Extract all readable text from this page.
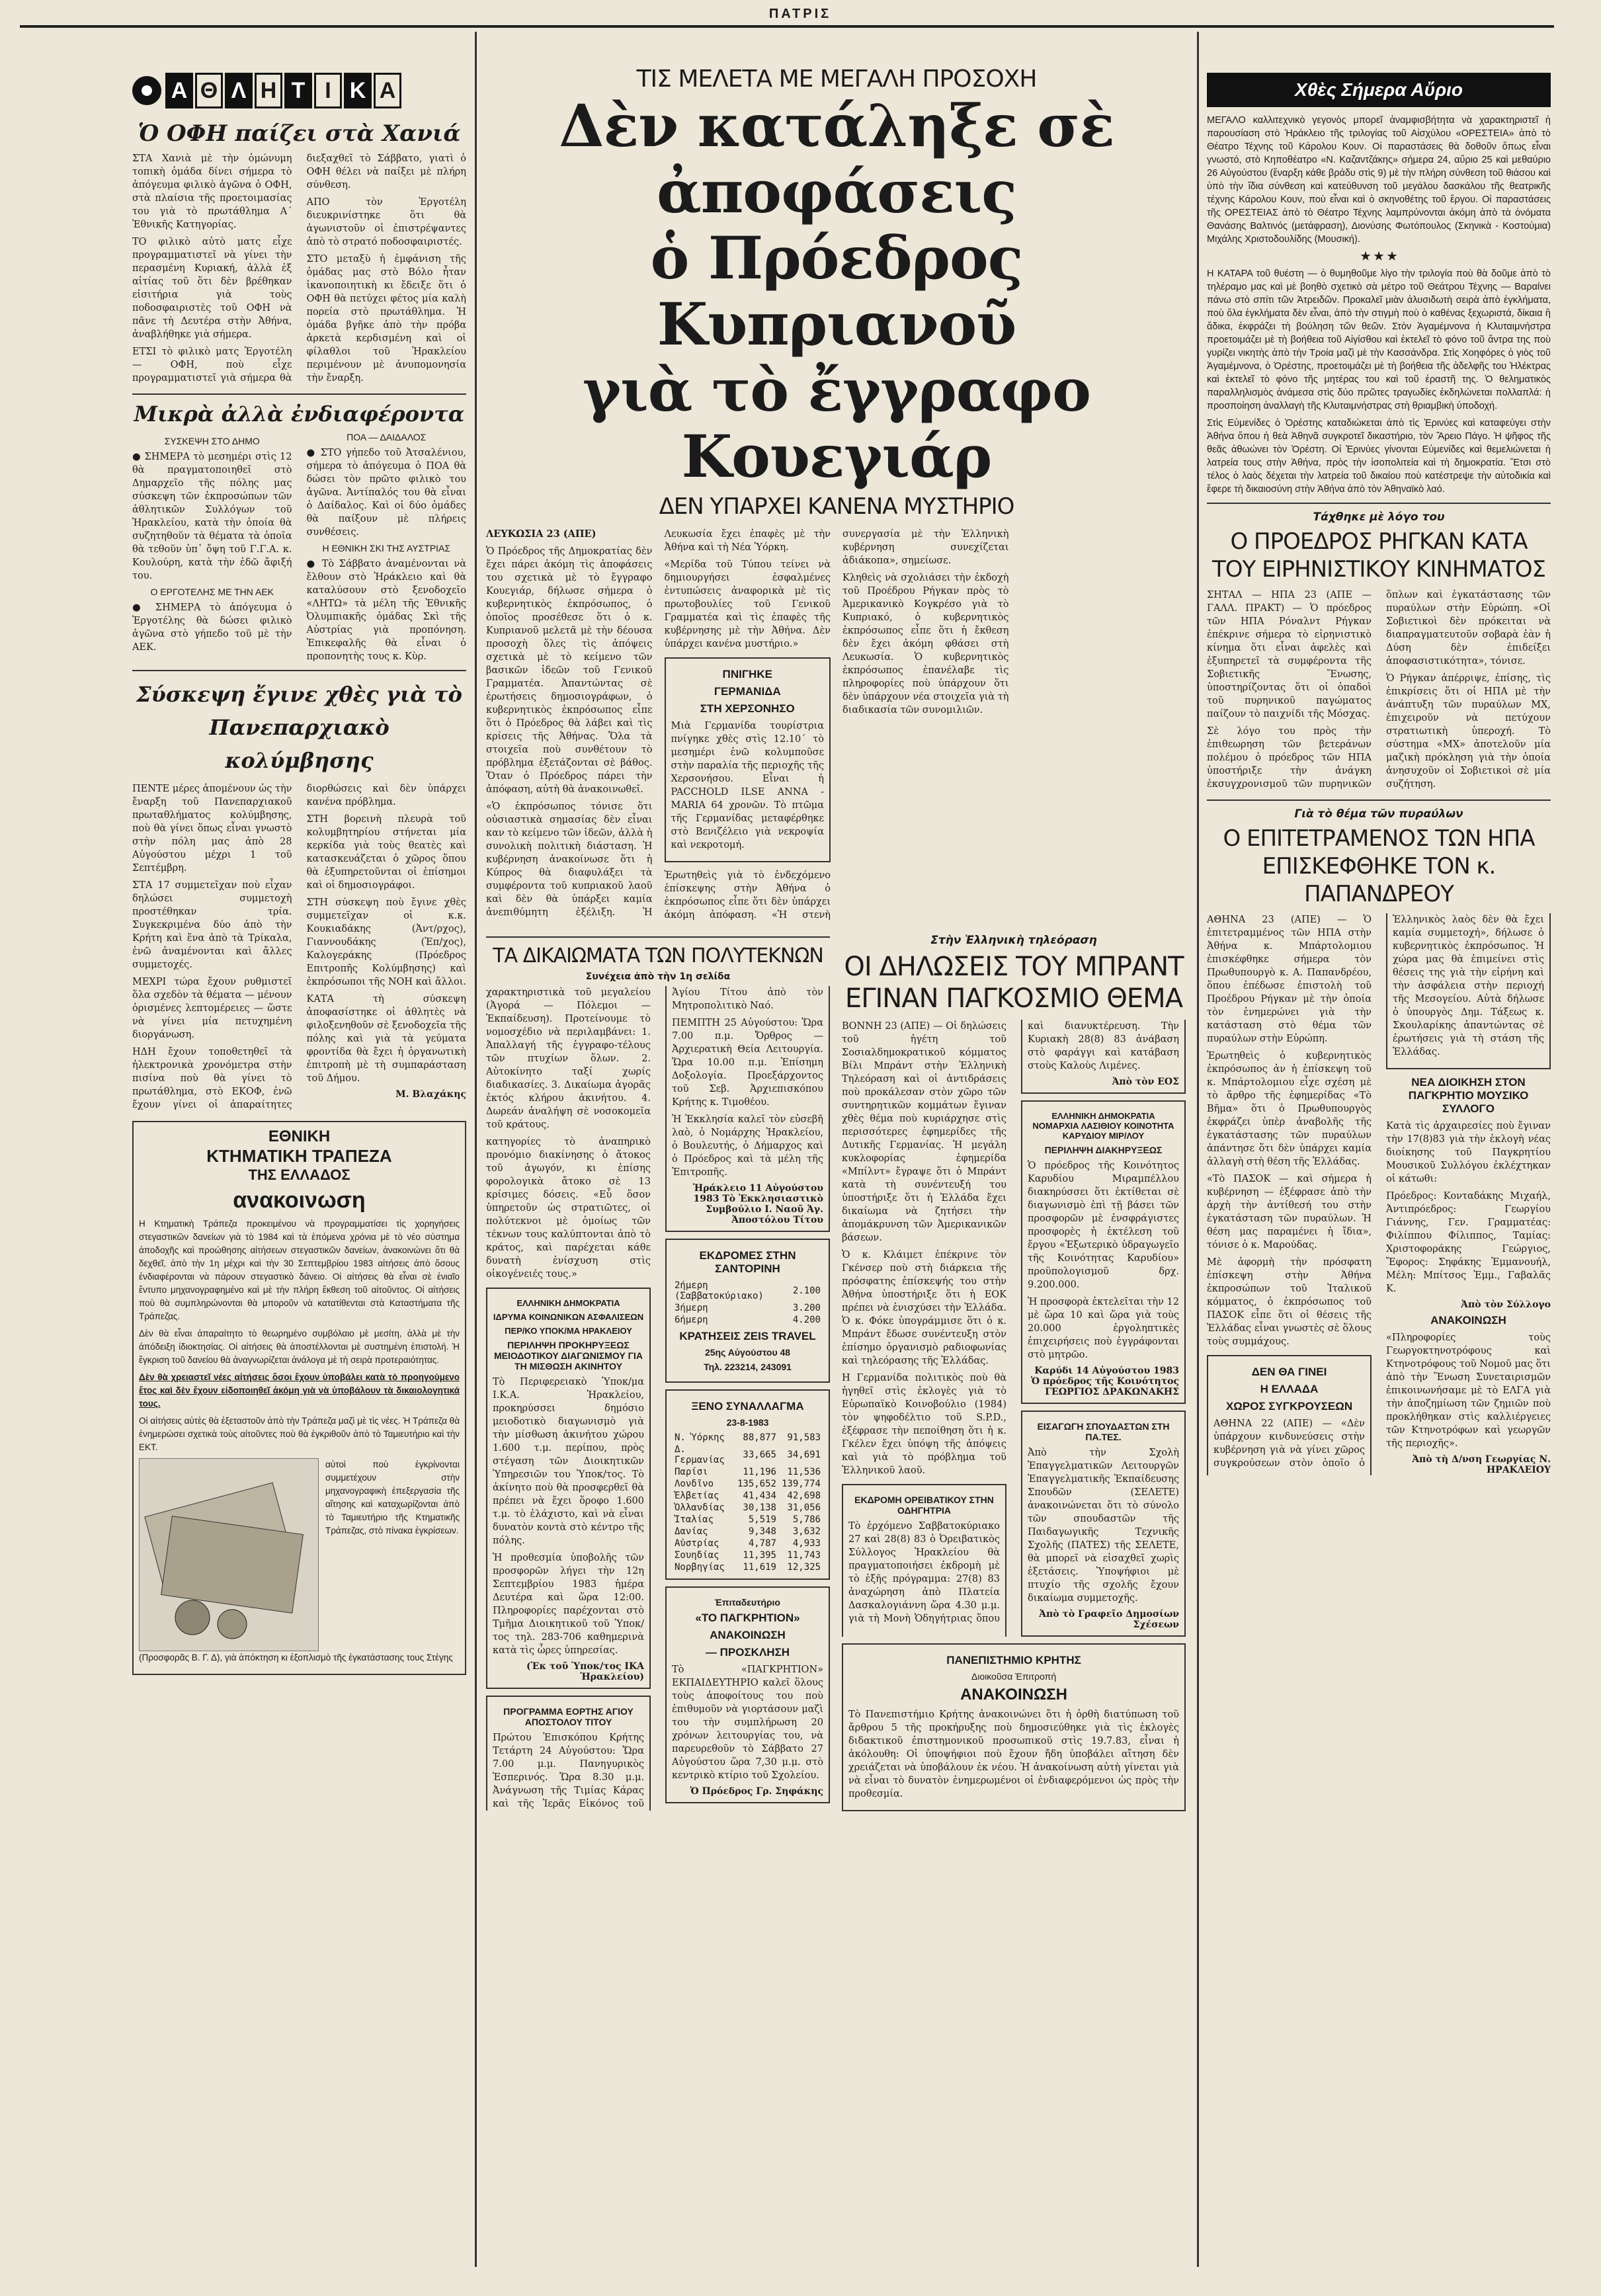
ΠΑΤΡΙΣ
Α Θ Λ Η Τ Ι Κ Α
Ὁ ΟΦΗ παίζει στὰ Χανιά

ΣΤΑ Χανιὰ μὲ τὴν ὁμώνυμη τοπικὴ ὁμάδα δίνει σήμερα τὸ ἀπόγευμα φιλικὸ ἀγῶνα ὁ ΟΦΗ, στὰ πλαίσια τῆς προετοιμασίας του γιὰ τὸ πρωτάθλημα Α΄ Ἐθνικῆς Κατηγορίας.

ΤΟ φιλικὸ αὐτὸ ματς εἶχε προγραμματιστεῖ νὰ γίνει τὴν περασμένη Κυριακή, ἀλλὰ ἐξ αἰτίας τοῦ ὅτι δὲν βρέθηκαν εἰσιτήρια γιὰ τοὺς ποδοσφαιριστὲς τοῦ ΟΦΗ νὰ πᾶνε τὴ Δευτέρα στὴν Ἀθήνα, ἀναβλήθηκε γιὰ σήμερα.

ΕΤΣΙ τὸ φιλικὸ ματς Ἐργοτέλη — ΟΦΗ, ποὺ εἶχε προγραμματιστεῖ γιὰ σήμερα θὰ διεξαχθεῖ τὸ Σάββατο, γιατὶ ὁ ΟΦΗ θέλει νὰ παίξει μὲ πλήρη σύνθεση.

ΑΠΟ τὸν Ἐργοτέλη διευκρινίστηκε ὅτι θὰ ἀγωνιστοῦν οἱ ἐπιστρέψαντες ἀπὸ τὸ στρατό ποδοσφαιριστές.

ΣΤΟ μεταξὺ ἡ ἐμφάνιση τῆς ὁμάδας μας στὸ Βόλο ἦταν ἱκανοποιητικὴ κι ἔδειξε ὅτι ὁ ΟΦΗ θὰ πετύχει φέτος μία καλὴ πορεία στὸ πρωτάθλημα. Ἡ ὁμάδα βγῆκε ἀπὸ τὴν πρόβα ἀρκετὰ κερδισμένη καὶ οἱ φίλαθλοι τοῦ Ἡρακλείου περιμένουν μὲ ἀνυπομονησία τὴν ἔναρξη.

Μικρὰ ἀλλὰ ἐνδιαφέροντα
ΣΥΣΚΕΨΗ ΣΤΟ ΔΗΜΟ

● ΣΗΜΕΡΑ τὸ μεσημέρι στὶς 12 θὰ πραγματοποιηθεῖ στὸ Δημαρχεῖο τῆς πόλης μας σύσκεψη τῶν ἐκπροσώπων τῶν ἀθλητικῶν Συλλόγων τοῦ Ἡρακλείου, κατὰ τὴν ὁποία θὰ συζητηθοῦν τὰ θέματα τὰ ὁποῖα θὰ τεθοῦν ὑπ᾽ ὄψη τοῦ Γ.Γ.Α. κ. Κουλούρη, κατὰ τὴν ἐδῶ ἄφιξή του.

Ο ΕΡΓΟΤΕΛΗΣ ΜΕ ΤΗΝ ΑΕΚ

● ΣΗΜΕΡΑ τὸ ἀπόγευμα ὁ Ἐργοτέλης θὰ δώσει φιλικὸ ἀγῶνα στὸ γήπεδο τοῦ μὲ τὴν ΑΕΚ.

ΠΟΑ — ΔΑΙΔΑΛΟΣ

● ΣΤΟ γήπεδο τοῦ Ἀτσαλένιου, σήμερα τὸ ἀπόγευμα ὁ ΠΟΑ θὰ δώσει τὸν πρῶτο φιλικὸ του ἀγῶνα. Ἀντίπαλός του θὰ εἶναι ὁ Δαίδαλος. Καὶ οἱ δύο ὁμάδες θὰ παίξουν μὲ πλήρεις συνθέσεις.

Η ΕΘΝΙΚΗ ΣΚΙ ΤΗΣ ΑΥΣΤΡΙΑΣ

● Τὸ Σάββατο ἀναμένονται νὰ ἔλθουν στὸ Ἡράκλειο καὶ θὰ καταλύσουν στὸ ξενοδοχεῖο «ΛΗΤΩ» τὰ μέλη τῆς Ἐθνικῆς Ὀλυμπιακῆς ὁμάδας Σκὶ τῆς Αὐστρίας γιὰ προπόνηση. Ἐπικεφαλῆς θὰ εἶναι ὁ προπονητὴς τους κ. Κὺρ.

Σύσκεψη ἔγινε χθὲς γιὰ τὸ Πανεπαρχιακὸ κολύμβησης

ΠΕΝΤΕ μέρες ἀπομένουν ὡς τὴν ἔναρξη τοῦ Πανεπαρχιακοῦ πρωταθλήματος κολύμβησης, ποὺ θὰ γίνει ὅπως εἶναι γνωστὸ στὴν πόλη μας ἀπὸ 28 Αὐγούστου μέχρι 1 τοῦ Σεπτέμβρη.

ΣΤΑ 17 συμμετεῖχαν ποὺ εἶχαν δηλώσει συμμετοχὴ προστέθηκαν τρία. Συγκεκριμένα δύο ἀπὸ τὴν Κρήτη καὶ ἕνα ἀπὸ τὰ Τρίκαλα, ἐνῶ ἀναμένονται καὶ ἄλλες συμμετοχές.

ΜΕΧΡΙ τώρα ἔχουν ρυθμιστεῖ ὅλα σχεδὸν τὰ θέματα — μένουν ὁρισμένες λεπτομέρειες — ὥστε νὰ γίνει μία πετυχημένη διοργάνωση.

ΗΔΗ ἔχουν τοποθετηθεῖ τὰ ἠλεκτρονικὰ χρονόμετρα στὴν πισίνα ποὺ θὰ γίνει τὸ πρωτάθλημα, στὸ ΕΚΟΦ, ἐνῶ ἔχουν γίνει οἱ ἀπαραίτητες διορθώσεις καὶ δὲν ὑπάρχει κανένα πρόβλημα.

ΣΤΗ βορεινὴ πλευρὰ τοῦ κολυμβητηρίου στήνεται μία κερκίδα γιὰ τοὺς θεατὲς καὶ κατασκευάζεται ὁ χῶρος ὅπου θὰ ἐξυπηρετοῦνται οἱ ἐπίσημοι καὶ οἱ δημοσιογράφοι.

ΣΤΗ σύσκεψη ποὺ ἔγινε χθὲς συμμετεῖχαν οἱ κ.κ. Κουκιαδάκης (Ἀντ/ρχος), Γιαννουδάκης (Ἐπ/χος), Καλογεράκης (Πρόεδρος Επιτροπῆς Κολύμβησης) καὶ ἐκπρόσωποι τῆς ΝΟΗ καὶ ἄλλοι.

ΚΑΤΑ τὴ σύσκεψη ἀποφασίστηκε οἱ ἀθλητὲς νὰ φιλοξενηθοῦν σὲ ξενοδοχεῖα τῆς πόλης καὶ γιὰ τὰ γεύματα φροντίδα θὰ ἔχει ἡ ὀργανωτικὴ ἐπιτροπὴ μὲ τὴ συμπαράσταση τοῦ Δήμου.

Μ. Βλαχάκης
ΕΘΝΙΚΗ
ΚΤΗΜΑΤΙΚΗ ΤΡΑΠΕΖΑ
ΤΗΣ ΕΛΛΑΔΟΣ
ανακοινωση

Η Κτηματικὴ Τράπεζα προκειμένου νὰ προγραμματίσει τὶς χορηγήσεις στεγαστικῶν δανείων γιὰ τὸ 1984 καὶ τὰ ἑπόμενα χρόνια μὲ τὸ νέο σύστημα ἀποδοχῆς καὶ προώθησης αἰτήσεων στεγαστικῶν δανείων, ἀνακοινώνει ὅτι θὰ δεχθεῖ, ἀπὸ τὴν 1η μέχρι καὶ τὴν 30 Σεπτεμβρίου 1983 αἰτήσεις ἀπὸ ὅσους ἐνδιαφέρονται νὰ πάρουν στεγαστικὸ δάνειο. Οἱ αἰτήσεις θὰ εἶναι σὲ ἐνιαῖο ἔντυπο μηχανογραφημένο καὶ μὲ τὴν πλήρη ἔκθεση τοῦ αἰτοῦντος. Οἱ αἰτήσεις ποὺ θὰ συμπληρώνονται θὰ μποροῦν νὰ κατατίθενται στὰ Καταστήματα τῆς Τράπεζας.

Δὲν θὰ εἶναι ἀπαραίτητο τὸ θεωρημένο συμβόλαιο μὲ μεσίτη, ἀλλὰ μὲ τὴν ἀπόδειξη ἰδιοκτησίας. Οἱ αἰτήσεις θὰ ἀποστέλλονται μὲ συστημένη ἐπιστολή. Ἡ ἔγκριση τοῦ δανείου θὰ ἀναγνωρίζεται ἀνάλογα μὲ τὴ σειρὰ προτεραιότητας.

Δὲν θὰ χρειαστεῖ νέες αἰτήσεις ὅσοι ἔχουν ὑποβάλει κατὰ τὸ προηγούμενο ἔτος καὶ δὲν ἔχουν εἰδοποιηθεῖ ἀκόμη γιὰ νὰ ὑποβάλουν τὰ δικαιολογητικά τους.

Οἱ αἰτήσεις αὐτὲς θὰ ἐξεταστοῦν ἀπὸ τὴν Τράπεζα μαζὶ μὲ τὶς νέες. Ἡ Τράπεζα θὰ ἐνημερώσει σχετικὰ τοὺς αἰτοῦντες ποὺ θὰ ἐγκριθοῦν ἀπὸ τὸ Ταμιευτήριο καὶ τὴν ΕΚΤ.

αὐτοὶ ποὺ ἐγκρίνονται συμμετέχουν στὴν μηχανογραφικὴ ἐπεξεργασία τῆς αἴτησης καὶ καταχωρίζονται ἀπὸ τὸ Ταμιευτήριο τῆς Κτηματικῆς Τράπεζας, στὸ πίνακα ἐγκρίσεων.

(Προσφορᾶς Β. Γ. Δ), γιὰ ἀπόκτηση κι ἐξοπλισμὸ τῆς ἐγκατάστασης τους Στέγης

ΤΙΣ ΜΕΛΕΤΑ ΜΕ ΜΕΓΑΛΗ ΠΡΟΣΟΧΗ
Δὲν κατάληξε σὲ ἀποφάσεις
ὁ Πρόεδρος Κυπριανοῦ
γιὰ τὸ ἔγγραφο Κουεγιάρ
ΔΕΝ ΥΠΑΡΧΕΙ ΚΑΝΕΝΑ ΜΥΣΤΗΡΙΟ

ΛΕΥΚΩΣΙΑ 23 (ΑΠΕ)

Ὁ Πρόεδρος τῆς Δημοκρατίας δὲν ἔχει πάρει ἀκόμη τὶς ἀποφάσεις του σχετικὰ μὲ τὸ ἔγγραφο Κουεγιάρ, δήλωσε σήμερα ὁ κυβερνητικὸς ἐκπρόσωπος, ὁ ὁποῖος προσέθεσε ὅτι ὁ κ. Κυπριανοῦ μελετᾶ μὲ τὴν δέουσα προσοχὴ ὅλες τὶς ἀπόψεις σχετικὰ μὲ τὸ κείμενο τῶν βασικῶν ἰδεῶν τοῦ Γενικοῦ Γραμματέα. Ἀπαντώντας σὲ ἐρωτήσεις δημοσιογράφων, ὁ κυβερνητικὸς ἐκπρόσωπος εἶπε ὅτι ὁ Πρόεδρος θὰ λάβει καὶ τὶς κρίσεις τῆς Ἀθήνας. Ὅλα τὰ στοιχεῖα ποὺ συνθέτουν τὸ πρόβλημα ἐξετάζονται σὲ βάθος. Ὅταν ὁ Πρόεδρος πάρει τὴν ἀπόφαση, αὐτὴ θὰ ἀνακοινωθεῖ.

«Ὁ ἐκπρόσωπος τόνισε ὅτι οὐσιαστικὰ σημασίας δὲν εἶναι καν τὸ κείμενο τῶν ἰδεῶν, ἀλλὰ ἡ συνολικὴ πολιτικὴ διάσταση. Ἡ κυβέρνηση ἀνακοίνωσε ὅτι ἡ Κύπρος θὰ διαφυλάξει τὰ συμφέροντα τοῦ κυπριακοῦ λαοῦ καὶ δὲν θὰ ὑπάρξει καμία ἀνεπιθύμητη ἐξέλιξη. Ἡ Λευκωσία ἔχει ἐπαφὲς μὲ τὴν Ἀθήνα καὶ τὴ Νέα Ὑόρκη.

«Μερίδα τοῦ Τύπου τείνει νὰ δημιουργήσει ἐσφαλμένες ἐντυπώσεις ἀναφορικὰ μὲ τὶς πρωτοβουλίες τοῦ Γενικοῦ Γραμματέα καὶ τὶς ἐπαφὲς τῆς κυβέρνησης μὲ τὴν Ἀθήνα. Δὲν ὑπάρχει κανένα μυστήριο.»

ΠΝΙΓΗΚΕ
ΓΕΡΜΑΝΙΔΑ
ΣΤΗ ΧΕΡΣΟΝΗΣΟ

Μιὰ Γερμανίδα τουρίστρια πνίγηκε χθὲς στὶς 12.10΄ τὸ μεσημέρι ἐνῶ κολυμποῦσε στὴν παραλία τῆς περιοχῆς τῆς Χερσονήσου. Εἶναι ἡ PACCHOLD ILSE ANNA - MARIA 64 χρονῶν. Τὸ πτῶμα τῆς Γερμανίδας μεταφέρθηκε στὸ Βενιζέλειο γιὰ νεκροψία καὶ νεκροτομή.

Ἐρωτηθεὶς γιὰ τὸ ἐνδεχόμενο ἐπίσκεψης στὴν Ἀθήνα ὁ ἐκπρόσωπος εἶπε ὅτι δὲν ὑπάρχει ἀκόμη ἀπόφαση. «Ἡ στενὴ συνεργασία μὲ τὴν Ἑλληνικὴ κυβέρνηση συνεχίζεται ἀδιάκοπα», σημείωσε.

Κληθεὶς νὰ σχολιάσει τὴν ἐκδοχὴ τοῦ Προέδρου Ρήγκαν πρὸς τὸ Ἀμερικανικὸ Κογκρέσο γιὰ τὸ Κυπριακό, ὁ κυβερνητικὸς ἐκπρόσωπος εἶπε ὅτι ἡ ἔκθεση δὲν ἔχει ἀκόμη φθάσει στὴ Λευκωσία. Ὁ κυβερνητικὸς ἐκπρόσωπος ἐπανέλαβε τὶς πληροφορίες ποὺ ὑπάρχουν ὅτι δὲν ὑπάρχουν νέα στοιχεῖα γιὰ τὴ διαδικασία τῶν συνομιλιῶν.

ΤΑ ΔΙΚΑΙΩΜΑΤΑ ΤΩΝ ΠΟΛΥΤΕΚΝΩΝ
Συνέχεια ἀπὸ τὴν 1η σελίδα

χαρακτηριστικὰ τοῦ μεγαλείου (Ἀγορά — Πόλεμοι — Ἐκπαίδευση). Προτείνουμε τὸ νομοσχέδιο νὰ περιλαμβάνει: 1. Ἀπαλλαγή τῆς ἐγγραφο-τέλους τῶν πτυχίων ὅλων. 2. Αὐτοκίνητο ταξί χωρίς διαδικασίες. 3. Δικαίωμα ἀγορᾶς ἐκτός κλήρου ἀκινήτου. 4. Δωρεάν ἀναλήψη σὲ νοσοκομεῖα τοῦ κράτους.

κατηγορίες τὸ ἀναπηρικὸ προνόμιο διακίνησης ὁ ἄτοκος τοῦ ἀγωγόν, κι ἐπίσης φορολογικὰ ἄτοκο σὲ 13 κρίσιμες δόσεις. «Εὖ ὅσον ὑπηρετοῦν ὡς στρατιῶτες, οἱ πολύτεκνοι μὲ ὁμοίως τῶν τέκνων τους καλύπτονται ἀπὸ τὸ κράτος, καὶ παρέχεται κάθε δυνατὴ ἐνίσχυση στὶς οἰκογένειές τους.»

ΕΛΛΗΝΙΚΗ ΔΗΜΟΚΡΑΤΙΑ
ΙΔΡΥΜΑ ΚΟΙΝΩΝΙΚΩΝ ΑΣΦΑΛΙΣΕΩΝ
ΠΕΡ/ΚΟ ΥΠΟΚ/ΜΑ ΗΡΑΚΛΕΙΟΥ
ΠΕΡΙΛΗΨΗ ΠΡΟΚΗΡΥΞΕΩΣ ΜΕΙΟΔΟΤΙΚΟΥ ΔΙΑΓΩΝΙΣΜΟΥ ΓΙΑ ΤΗ ΜΙΣΘΩΣΗ ΑΚΙΝΗΤΟΥ

Τὸ Περιφερειακὸ Ὑποκ/μα Ι.Κ.Α. Ἡρακλείου, προκηρύσσει δημόσιο μειοδοτικὸ διαγωνισμὸ γιὰ τὴν μίσθωση ἀκινήτου χώρου 1.600 τ.μ. περίπου, πρὸς στέγαση τῶν Διοικητικῶν Ὑπηρεσιῶν του Ὑποκ/τος. Τὸ ἀκίνητο ποὺ θὰ προσφερθεῖ θὰ πρέπει νὰ ἔχει ὅροφο 1.600 τ.μ. τὸ ἐλάχιστο, καὶ νὰ εἶναι δυνατὸν κοντὰ στὸ κέντρο τῆς πόλης.

Ἡ προθεσμία ὑποβολῆς τῶν προσφορῶν λήγει τὴν 12η Σεπτεμβρίου 1983 ἡμέρα Δευτέρα καὶ ὥρα 12:00. Πληροφορίες παρέχονται στὸ Τμῆμα Διοικητικοῦ τοῦ Ὑποκ/τος τηλ. 283-706 καθημερινὰ κατὰ τὶς ὧρες ὑπηρεσίας.

(Ἐκ τοῦ Ὑποκ/τος ΙΚΑ Ἡρακλείου)
ΠΡΟΓΡΑΜΜΑ ΕΟΡΤΗΣ ΑΓΙΟΥ ΑΠΟΣΤΟΛΟΥ ΤΙΤΟΥ

Πρώτου Ἐπισκόπου Κρήτης Τετάρτη 24 Αὐγούστου: Ὥρα 7.00 μ.μ. Πανηγυρικὸς Ἑσπερινός. Ὥρα 8.30 μ.μ. Ἀνάγνωση τῆς Τιμίας Κάρας καὶ τῆς Ἱερᾶς Εἰκόνος τοῦ Ἁγίου Τίτου ἀπὸ τὸν Μητροπολιτικὸ Ναό.

ΠΕΜΠΤΗ 25 Αὐγούστου: Ὥρα 7.00 π.μ. Ὄρθρος — Ἀρχιερατικὴ Θεία Λειτουργία. Ὥρα 10.00 π.μ. Ἐπίσημη Δοξολογία. Προεξάρχοντος τοῦ Σεβ. Ἀρχιεπισκόπου Κρήτης κ. Τιμοθέου.

Ἡ Ἐκκλησία καλεῖ τὸν εὐσεβῆ λαὸ, ὁ Νομάρχης Ἡρακλείου, ὁ Βουλευτής, ὁ Δήμαρχος καὶ ὁ Πρόεδρος καὶ τὰ μέλη τῆς Ἐπιτροπῆς.

Ἡράκλειο 11 Αὐγούστου 1983 Τὸ Ἐκκλησιαστικὸ Συμβούλιο Ι. Ναοῦ Ἁγ. Ἀποστόλου Τίτου
ΕΚΔΡΟΜΕΣ ΣΤΗΝ ΣΑΝΤΟΡΙΝΗ
2ήμερη (Σαββατοκύριακο)	2.100
3ήμερη	3.200
6ήμερη	4.200
ΚΡΑΤΗΣΕΙΣ ZEIS TRAVEL
25ης Αὐγούστου 48
Τηλ. 223214, 243091
ΞΕΝΟ ΣΥΝΑΛΛΑΓΜΑ
23-8-1983
Ν. Ὑόρκης	88,877	91,583
Δ. Γερμανίας	33,665	34,691
Παρίσι	11,196	11,536
Λονδῖνο	135,652	139,774
Ἑλβετίας	41,434	42,698
Ὁλλανδίας	30,138	31,056
Ἰταλίας	5,519	5,786
Δανίας	9,348	3,632
Αὐστρίας	4,787	4,933
Σουηδίας	11,395	11,743
Νορβηγίας	11,619	12,325
Ἐπιταδευτήριο
«ΤΟ ΠΑΓΚΡΗΤΙΟΝ»
ΑΝΑΚΟΙΝΩΣΗ
— ΠΡΟΣΚΛΗΣΗ

Τὸ «ΠΑΓΚΡΗΤΙΟΝ» ΕΚΠΑΙΔΕΥΤΗΡΙΟ καλεῖ ὅλους τοὺς ἀποφοίτους του ποὺ ἐπιθυμοῦν νὰ γιορτάσουν μαζὶ του τὴν συμπλήρωση 20 χρόνων λειτουργίας του, νὰ παρευρεθοῦν τὸ Σάββατο 27 Αὐγούστου ὥρα 7,30 μ.μ. στὸ κεντρικὸ κτίριο τοῦ Σχολείου.

Ὁ Πρόεδρος Γρ. Σηφάκης
Στὴν Ἑλληνικὴ τηλεόραση
ΟΙ ΔΗΛΩΣΕΙΣ ΤΟΥ ΜΠΡΑΝΤ ΕΓΙΝΑΝ ΠΑΓΚΟΣΜΙΟ ΘΕΜΑ

ΒΟΝΝΗ 23 (ΑΠΕ) — Οἱ δηλώσεις τοῦ ἡγέτη τοῦ Σοσιαλδημοκρατικοῦ κόμματος Βίλι Μπράντ στὴν Ἑλληνικὴ Τηλεόραση καὶ οἱ ἀντιδράσεις ποὺ προκάλεσαν στὸν χῶρο τῶν συντηρητικῶν κομμάτων ἔγιναν χθὲς θέμα ποὺ κυριάρχησε στὶς περισσότερες ἐφημερίδες τῆς Δυτικῆς Γερμανίας. Ἡ μεγάλη κυκλοφορίας ἐφημερίδα «Μπίλντ» ἔγραψε ὅτι ὁ Μπράντ κατὰ τὴ συνέντευξή του ὑποστήριξε ὅτι ἡ Ἑλλάδα ἔχει δικαίωμα νὰ ζητήσει τὴν ἀπομάκρυνση τῶν Ἀμερικανικῶν βάσεων.

Ὁ κ. Κλάιμετ ἐπέκρινε τὸν Γκένσερ ποὺ στὴ διάρκεια τῆς πρόσφατης ἐπίσκεψής του στὴν Ἀθήνα ὑποστήριξε ὅτι ἡ ΕΟΚ πρέπει νὰ ἐνισχύσει τὴν Ἑλλάδα. Ὁ κ. Φόκε ὑπογράμμισε ὅτι ὁ κ. Μπράντ ἔδωσε συνέντευξη στὸν ἐπίσημο ὀργανισμὸ ραδιοφωνίας καὶ τηλεόρασης τῆς Ἑλλάδας.

Η Γερμανίδα πολιτικὸς ποὺ θὰ ἡγηθεῖ στὶς ἐκλογὲς γιὰ τὸ Εὐρωπαϊκὸ Κοινοβούλιο (1984) τὸν ψηφοδέλτιο τοῦ S.P.D., ἐξέφρασε τὴν πεποίθηση ὅτι ἡ κ. Γκέλεν ἔχει ὑπόψη τῆς ἀπόψεις καὶ γιὰ τὸ πρόβλημα τοῦ Ἑλληνικοῦ λαοῦ.

ΕΚΔΡΟΜΗ ΟΡΕΙΒΑΤΙΚΟΥ ΣΤΗΝ ΟΔΗΓΗΤΡΙΑ

Τὸ ἐρχόμενο Σαββατοκύριακο 27 καὶ 28(8) 83 ὁ Ὀρειβατικὸς Σύλλογος Ἡρακλείου θὰ πραγματοποιήσει ἐκδρομὴ μὲ τὸ ἑξῆς πρόγραμμα: 27(8) 83 ἀναχώρηση ἀπὸ Πλατεία Δασκαλογιάννη ὥρα 4.30 μ.μ. γιὰ τὴ Μονὴ Ὁδηγήτριας ὅπου καὶ διανυκτέρευση. Τὴν Κυριακὴ 28(8) 83 ἀνάβαση στὸ φαράγγι καὶ κατάβαση στοὺς Καλοὺς Λιμένες.

Ἀπὸ τὸν ΕΟΣ
ΕΛΛΗΝΙΚΗ ΔΗΜΟΚΡΑΤΙΑ ΝΟΜΑΡΧΙΑ ΛΑΣΙΘΙΟΥ ΚΟΙΝΟΤΗΤΑ ΚΑΡΥΔΙΟΥ ΜΙΡ/ΛΟΥ
ΠΕΡΙΛΗΨΗ ΔΙΑΚΗΡΥΞΕΩΣ

Ὁ πρόεδρος τῆς Κοινότητος Καρυδίου Μιραμπέλλου διακηρύσσει ὅτι ἐκτίθεται σὲ διαγωνισμὸ ἐπὶ τῇ βάσει τῶν προσφορῶν μὲ ἐνσφράγιστες προσφορὲς ἡ ἐκτέλεση τοῦ ἔργου «Ἐξωτερικὸ ὑδραγωγεῖο τῆς Κοινότητας Καρυδίου» προϋπολογισμοῦ δρχ. 9.200.000.

Ἡ προσφορὰ ἐκτελεῖται τὴν 12 μὲ ὥρα 10 καὶ ὥρα γιὰ τοὺς 20.000 ἐργοληπτικὲς ἐπιχειρήσεις ποὺ ἐγγράφονται στὸ μητρῶο.

Καρύδι 14 Αὐγούστου 1983 Ὁ πρόεδρος τῆς Κοινότητος ΓΕΩΡΓΙΟΣ ΔΡΑΚΩΝΑΚΗΣ
ΕΙΣΑΓΩΓΗ ΣΠΟΥΔΑΣΤΩΝ ΣΤΗ ΠΑ.ΤΕΣ.

Ἀπὸ τὴν Σχολὴ Ἐπαγγελματικῶν Λειτουργῶν Ἐπαγγελματικῆς Ἐκπαίδευσης Σπουδῶν (ΣΕΛΕΤΕ) ἀνακοινώνεται ὅτι τὸ σύνολο τῶν σπουδαστῶν τῆς Παιδαγωγικῆς Τεχνικῆς Σχολῆς (ΠΑΤΕΣ) τῆς ΣΕΛΕΤΕ, θὰ μπορεῖ νὰ εἰσαχθεῖ χωρὶς ἐξετάσεις. Ὑποψήφιοι μὲ πτυχίο τῆς σχολῆς ἔχουν δικαίωμα συμμετοχῆς.

Ἀπὸ τὸ Γραφεῖο Δημοσίων Σχέσεων
ΠΑΝΕΠΙΣΤΗΜΙΟ ΚΡΗΤΗΣ
Διοικοῦσα Ἐπιτροπή
ΑΝΑΚΟΙΝΩΣΗ

Τὸ Πανεπιστήμιο Κρήτης ἀνακοινώνει ὅτι ἡ ὀρθὴ διατύπωση τοῦ ἄρθρου 5 τῆς προκήρυξης ποὺ δημοσιεύθηκε γιὰ τὶς ἐκλογὲς διδακτικοῦ ἐπιστημονικοῦ προσωπικοῦ στὶς 19.7.83, εἶναι ἡ ἀκόλουθη: Οἱ ὑποψήφιοι ποὺ ἔχουν ἤδη ὑποβάλει αἴτηση δὲν χρειάζεται νὰ ὑποβάλουν ἐκ νέου. Ἡ ἀνακοίνωση αὐτὴ γίνεται γιὰ νὰ εἶναι τὸ δυνατὸν ἐνημερωμένοι οἱ ἐνδιαφερόμενοι ὡς πρὸς τὴν προθεσμία.

Χθὲς Σήμερα Αὔριο

ΜΕΓΑΛΟ καλλιτεχνικὸ γεγονὸς μπορεῖ ἀναμφισβήτητα νὰ χαρακτηριστεῖ ἡ παρουσίαση στὸ Ἡράκλειο τῆς τριλογίας τοῦ Αἰσχύλου «ΟΡΕΣΤΕΙΑ» ἀπὸ τὸ Θέατρο Τέχνης τοῦ Κάρολου Κουν. Οἱ παραστάσεις θὰ δοθοῦν ὅπως εἶναι γνωστό, στὸ Κηποθέατρο «Ν. Καζαντζάκης» σήμερα 24, αὔριο 25 καὶ μεθαύριο 26 Αὐγούστου (ἔναρξη κάθε βράδυ στὶς 9) μὲ τὴν πλήρη σύνθεση τοῦ θιάσου καὶ ὑπὸ τὴν ἴδια σύνθεση καὶ κατεύθυνση τοῦ μεγάλου δασκάλου τῆς θεατρικῆς τέχνης Κάρολου Κουν, ποὺ εἶναι καὶ ὁ σκηνοθέτης τοῦ ἔργου. Οἱ παραστάσεις τῆς ΟΡΕΣΤΕΙΑΣ ἀπὸ τὸ Θέατρο Τέχνης λαμπρύνονται ἀκόμη ἀπὸ τὰ ὀνόματα Θανάσης Βαλτινός (μετάφραση), Διονύσης Φωτόπουλος (Σκηνικὰ - Κοστούμια) Μιχάλης Χριστοδουλίδης (Μουσική).

★ ★ ★

Η ΚΑΤΑΡΑ τοῦ θυέστη — ὁ θυμηθοῦμε λίγο τὴν τριλογία ποὺ θὰ δοῦμε ἀπὸ τὸ τηλέραμο μας καὶ μὲ βοηθὸ σχετικὸ σὰ μέτρο τοῦ Θεάτρου Τέχνης — Βαραίνει πάνω στὸ σπίτι τῶν Ἀτρειδῶν. Προκαλεῖ μιὰν ἀλυσιδωτὴ σειρὰ ἀπὸ ἐγκλήματα, ποὺ ὅλα ἐγκλήματα δὲν εἶναι, ἀπὸ τὴν στιγμὴ ποὺ ὁ καθένας ξεχωριστά, δίκαια ἢ ἄδικα, ἐκφράζει τὴ βούληση τῶν θεῶν. Στὸν Ἀγαμέμνονα ἡ Κλυταιμνήστρα προετοιμάζει μὲ τὴ βοήθεια τοῦ Αἰγίσθου καὶ ἐκτελεῖ τὸ φόνο τοῦ ἄντρα της ποὺ γυρίζει νικητὴς ἀπὸ τὴν Τροία μαζὶ μὲ τὴν Κασσάνδρα. Στὶς Χοηφόρες ὁ γιὸς τοῦ Ἀγαμέμνονα, ὁ Ὀρέστης, προετοιμάζει μὲ τὴ βοήθεια τῆς ἀδελφῆς του Ἠλέκτρας καὶ ἐκτελεῖ τὸ φόνο τῆς μητέρας του καὶ τοῦ ἐραστῆ της. Ὁ θεληματικὸς παραλληλισμὸς ἀνάμεσα στὶς δύο πρῶτες τραγωδίες ἐκδηλώνεται πολλαπλά: ἡ προσποίηση ἀναλλαγὴ τῆς Κλυταιμνήστρας στὴ θριαμβικὴ ὑποδοχή.

Στὶς Εὐμενίδες ὁ Ὀρέστης καταδιώκεται ἀπὸ τὶς Ἐρινύες καὶ καταφεύγει στὴν Ἀθήνα ὅπου ἡ θεὰ Ἀθηνᾶ συγκροτεῖ δικαστήριο, τὸν Ἄρειο Πάγο. Ἡ ψῆφος τῆς θεᾶς ἀθωώνει τὸν Ὀρέστη. Οἱ Ἐρινύες γίνονται Εὐμενίδες καὶ θεμελιώνεται ἡ λατρεία τους στὴν Ἀθήνα, πρὸς τὴν ἰσοπολιτεία καὶ τὴ δημοκρατία. Ἔτσι στὸ τέλος ὁ λαὸς δέχεται τὴν λατρεία τοῦ δικαίου ποὺ κατέστρεψε τὴν αὐτοδικία καὶ ἔφερε τὴ δικαιοσύνη στὴν Ἀθήνα ἀπὸ τὸν Ἀθηναϊκὸ λαό.

Τάχθηκε μὲ λόγο του
Ο ΠΡΟΕΔΡΟΣ ΡΗΓΚΑΝ ΚΑΤΑ ΤΟΥ ΕΙΡΗΝΙΣΤΙΚΟΥ ΚΙΝΗΜΑΤΟΣ

ΣΗΤΑΛ — ΗΠΑ 23 (ΑΠΕ — ΓΑΛΛ. ΠΡΑΚΤ) — Ὁ πρόεδρος τῶν ΗΠΑ Ρόναλντ Ρήγκαν ἐπέκρινε σήμερα τὸ εἰρηνιστικὸ κίνημα ὅτι εἶναι ἀφελὲς καὶ ἐξυπηρετεῖ τὰ συμφέροντα τῆς Σοβιετικῆς Ἕνωσης, ὑποστηρίζοντας ὅτι οἱ ὀπαδοὶ τοῦ πυρηνικοῦ παγώματος παίζουν τὸ παιχνίδι τῆς Μόσχας.

Σὲ λόγο του πρὸς τὴν ἐπιθεωρηση τῶν βετεράνων πολέμου ὁ πρόεδρος τῶν ΗΠΑ ὑποστήριξε τὴν ἀνάγκη ἐκσυγχρονισμοῦ τῶν πυρηνικῶν ὅπλων καὶ ἐγκατάστασης τῶν πυραύλων στὴν Εὐρώπη. «Οἱ Σοβιετικοὶ δὲν πρόκειται νὰ διαπραγματευτοῦν σοβαρὰ ἐὰν ἡ Δύση δὲν ἐπιδείξει ἀποφασιστικότητα», τόνισε.

Ὁ Ρήγκαν ἀπέρριψε, ἐπίσης, τὶς ἐπικρίσεις ὅτι οἱ ΗΠΑ μὲ τὴν ἀνάπτυξη τῶν πυραύλων MX, ἐπιχειροῦν νὰ πετύχουν στρατιωτικὴ ὑπεροχή. Τὸ σύστημα «ΜΧ» ἀποτελοῦν μία μαζικὴ πρόκληση γιὰ τὴν ὁποία ἀνησυχοῦν οἱ Σοβιετικοὶ σὲ μία συζήτηση.

Γιὰ τὸ θέμα τῶν πυραύλων
Ο ΕΠΙΤΕΤΡΑΜΕΝΟΣ ΤΩΝ ΗΠΑ ΕΠΙΣΚΕΦΘΗΚΕ ΤΟΝ κ. ΠΑΠΑΝΔΡΕΟΥ

ΑΘΗΝΑ 23 (ΑΠΕ) — Ὁ ἐπιτετραμμένος τῶν ΗΠΑ στὴν Ἀθήνα κ. Μπάρτολομιου ἐπισκέφθηκε σήμερα τὸν Πρωθυπουργὸ κ. Α. Παπανδρέου, ὅπου ἐπέδωσε ἐπιστολὴ τοῦ Προέδρου Ρήγκαν μὲ τὴν ὁποία τὸν ἐνημερώνει γιὰ τὴν κατάσταση στὸ θέμα τῶν πυραύλων στὴν Εὐρώπη.

Ἐρωτηθεὶς ὁ κυβερνητικὸς ἐκπρόσωπος ἀν ἡ ἐπίσκεψη τοῦ κ. Μπάρτολομιου εἶχε σχέση μὲ τὸ ἄρθρο τῆς ἐφημερίδας «Τὸ Βῆμα» ὅτι ὁ Πρωθυπουργὸς ἐκφράζει ὑπὲρ ἀναβολῆς τῆς ἐγκατάστασης τῶν πυραύλων ἀπάντησε ὅτι δὲν ὑπάρχει καμία ἀλλαγὴ στὴ θέση τῆς Ἑλλάδας.

«Τὸ ΠΑΣΟΚ — καὶ σήμερα ἡ κυβέρνηση — ἐξέφρασε ἀπὸ τὴν ἀρχὴ τὴν ἀντίθεσή του στὴν ἐγκατάσταση τῶν πυραύλων. Ἡ θέση μας παραμένει ἡ ἴδια», τόνισε ὁ κ. Μαρούδας.

Μὲ ἀφορμὴ τὴν πρόσφατη ἐπίσκεψη στὴν Ἀθήνα ἐκπροσώπων τοῦ Ἰταλικοῦ κόμματος, ὁ ἐκπρόσωπος τοῦ ΠΑΣΟΚ εἶπε ὅτι οἱ θέσεις τῆς Ἑλλάδας εἶναι γνωστὲς σὲ ὅλους τοὺς συμμάχους.

ΔΕΝ ΘΑ ΓΙΝΕΙ
Η ΕΛΛΑΔΑ
ΧΩΡΟΣ ΣΥΓΚΡΟΥΣΕΩΝ

ΑΘΗΝΑ 22 (ΑΠΕ) — «Δὲν ὑπάρχουν κινδυνεύσεις στὴν κυβέρνηση γιὰ νὰ γίνει χῶρος συγκρούσεων στὸν ὁποῖο ὁ Ἑλληνικὸς λαὸς δὲν θὰ ἔχει καμία συμμετοχή», δήλωσε ὁ κυβερνητικὸς ἐκπρόσωπος. Ἡ χώρα μας θὰ ἐπιμείνει στὶς θέσεις της γιὰ τὴν εἰρήνη καὶ τὴν ἀσφάλεια στὴν περιοχή τῆς Μεσογείου. Αὐτὰ δήλωσε ὁ ὑπουργὸς Δημ. Τάξεως κ. Σκουλαρίκης ἀπαντώντας σὲ ἐρωτήσεις γιὰ τὴ στάση τῆς Ἑλλάδας.

ΝΕΑ ΔΙΟΙΚΗΣΗ ΣΤΟΝ ΠΑΓΚΡΗΤΙΟ ΜΟΥΣΙΚΟ ΣΥΛΛΟΓΟ

Κατὰ τὶς ἀρχαιρεσίες ποὺ ἔγιναν τὴν 17(8)83 γιὰ τὴν ἐκλογὴ νέας διοίκησης τοῦ Παγκρητίου Μουσικοῦ Συλλόγου ἐκλέχτηκαν οἱ κάτωθι:

Πρόεδρος: Κονταδάκης Μιχαήλ, Ἀντιπρόεδρος: Γεωργίου Γιάννης, Γεν. Γραμματέας: Φιλίππου Φίλιππος, Ταμίας: Χριστοφοράκης Γεώργιος, Ἔφορος: Σηφάκης Ἐμμανουήλ, Μέλη: Μπίτσος Ἐμμ., Γαβαλᾶς Κ.

Ἀπὸ τὸν Σύλλογο
ΑΝΑΚΟΙΝΩΣΗ

«Πληροφορίες τοὺς Γεωργοκτηνοτρόφους καὶ Κτηνοτρόφους τοῦ Νομοῦ μας ὅτι ἀπὸ τὴν Ἕνωση Συνεταιρισμῶν ἐπικοινωνήσαμε μὲ τὸ ΕΛΓΑ γιὰ τὴν ἀποζημίωση τῶν ζημιῶν ποὺ προκλήθηκαν στὶς καλλιέργειες τῶν Κτηνοτρόφων καὶ γεωργῶν τῆς περιοχῆς».

Ἀπὸ τὴ Δ/νση Γεωργίας Ν. ΗΡΑΚΛΕΙΟΥ
